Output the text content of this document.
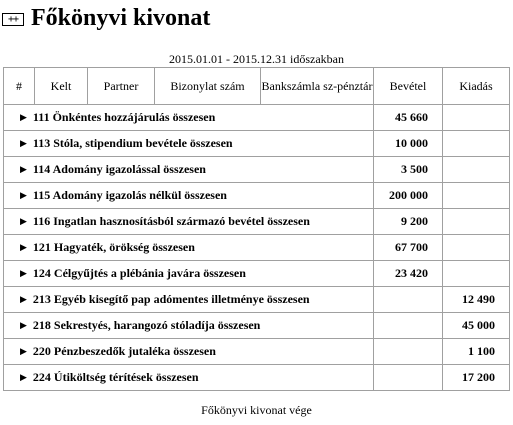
++ Főkönyvi kivonat
2015.01.01 - 2015.12.31 időszakban
#	Kelt	Partner	Bizonylat szám	Bankszámla sz-pénztár	Bevétel	Kiadás
▶ 111 Önkéntes hozzájárulás összesen					45 660	
▶ 113 Stóla, stipendium bevétele összesen					10 000	
▶ 114 Adomány igazolással összesen					3 500	
▶ 115 Adomány igazolás nélkül összesen					200 000	
▶ 116 Ingatlan hasznosításból származó bevétel összesen					9 200	
▶ 121 Hagyaték, örökség összesen					67 700	
▶ 124 Célgyűjtés a plébánia javára összesen					23 420	
▶ 213 Egyéb kisegítő pap adómentes illetménye összesen						12 490
▶ 218 Sekrestyés, harangozó stóladíja összesen						45 000
▶ 220 Pénzbeszedők jutaléka összesen						1 100
▶ 224 Útiköltség térítések összesen						17 200
Főkönyvi kivonat vége
